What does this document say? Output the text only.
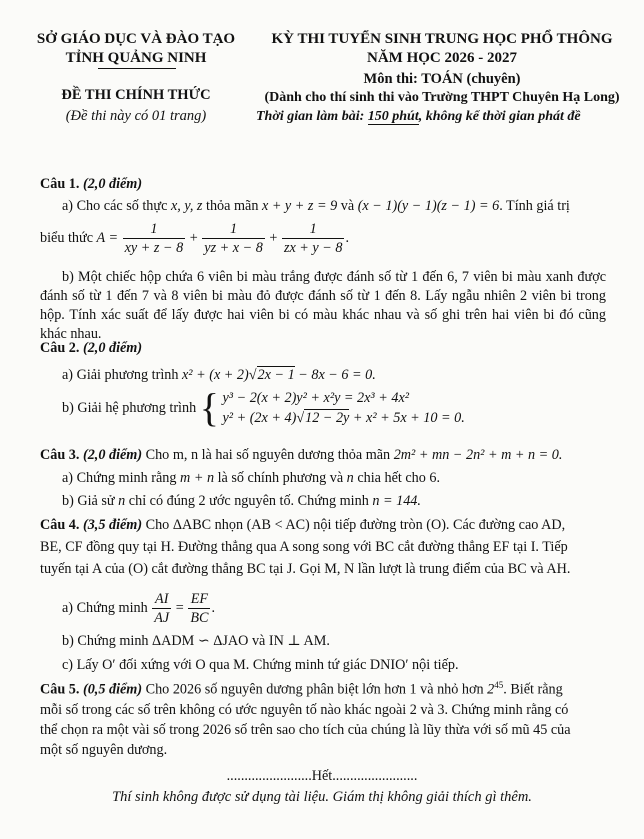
SỞ GIÁO DỤC VÀ ĐÀO TẠO
TỈNH QUẢNG NINH
ĐỀ THI CHÍNH THỨC
(Đề thi này có 01 trang)
KỲ THI TUYỂN SINH TRUNG HỌC PHỔ THÔNG
NĂM HỌC 2026 - 2027
Môn thi: TOÁN (chuyên)
(Dành cho thí sinh thi vào Trường THPT Chuyên Hạ Long)
Thời gian làm bài: 150 phút, không kể thời gian phát đề
Câu 1. (2,0 điểm)
a) Cho các số thực x, y, z thỏa mãn x + y + z = 9 và (x − 1)(y − 1)(z − 1) = 6. Tính giá trị
biểu thức $A = \frac{1}{xy + z - 8} + \frac{1}{yz + x - 8} + \frac{1}{zx + y - 8}$ .
b) Một chiếc hộp chứa 6 viên bi màu trắng được đánh số từ 1 đến 6, 7 viên bi màu xanh được đánh số từ 1 đến 7 và 8 viên bi màu đỏ được đánh số từ 1 đến 8. Lấy ngẫu nhiên 2 viên bi trong hộp. Tính xác suất để lấy được hai viên bi có màu khác nhau và số ghi trên hai viên bi đó cũng khác nhau.
Câu 2. (2,0 điểm)
a) Giải phương trình x² + (x + 2)√2x − 1 − 8x − 6 = 0.
b) Giải hệ phương trình { y³ − 2(x + 2)y² + x²y = 2x³ + 4x²
y² + (2x + 4)√12 − 2y + x² + 5x + 10 = 0.
Câu 3. (2,0 điểm) Cho m, n là hai số nguyên dương thỏa mãn 2m² + mn − 2n² + m + n = 0.
a) Chứng minh rằng m + n là số chính phương và n chia hết cho 6.
b) Giả sử n chỉ có đúng 2 ước nguyên tố. Chứng minh n = 144.
Câu 4. (3,5 điểm) Cho ΔABC nhọn (AB < AC) nội tiếp đường tròn (O). Các đường cao AD,
BE, CF đồng quy tại H. Đường thẳng qua A song song với BC cắt đường thẳng EF tại I. Tiếp
tuyến tại A của (O) cắt đường thẳng BC tại J. Gọi M, N lần lượt là trung điểm của BC và AH.
a) Chứng minh $\frac{AI}{AJ} = \frac{EF}{BC}$ .
b) Chứng minh ΔADM ∽ ΔJAO và IN ⊥ AM.
c) Lấy O′ đối xứng với O qua M. Chứng minh tứ giác DNIO′ nội tiếp.
Câu 5. (0,5 điểm) Cho 2026 số nguyên dương phân biệt lớn hơn 1 và nhỏ hơn $2^{45}$. Biết rằng
mỗi số trong các số trên không có ước nguyên tố nào khác ngoài 2 và 3. Chứng minh rằng có
thể chọn ra một vài số trong 2026 số trên sao cho tích của chúng là lũy thừa với số mũ 45 của
một số nguyên dương.
........................Hết........................
Thí sinh không được sử dụng tài liệu. Giám thị không giải thích gì thêm.
